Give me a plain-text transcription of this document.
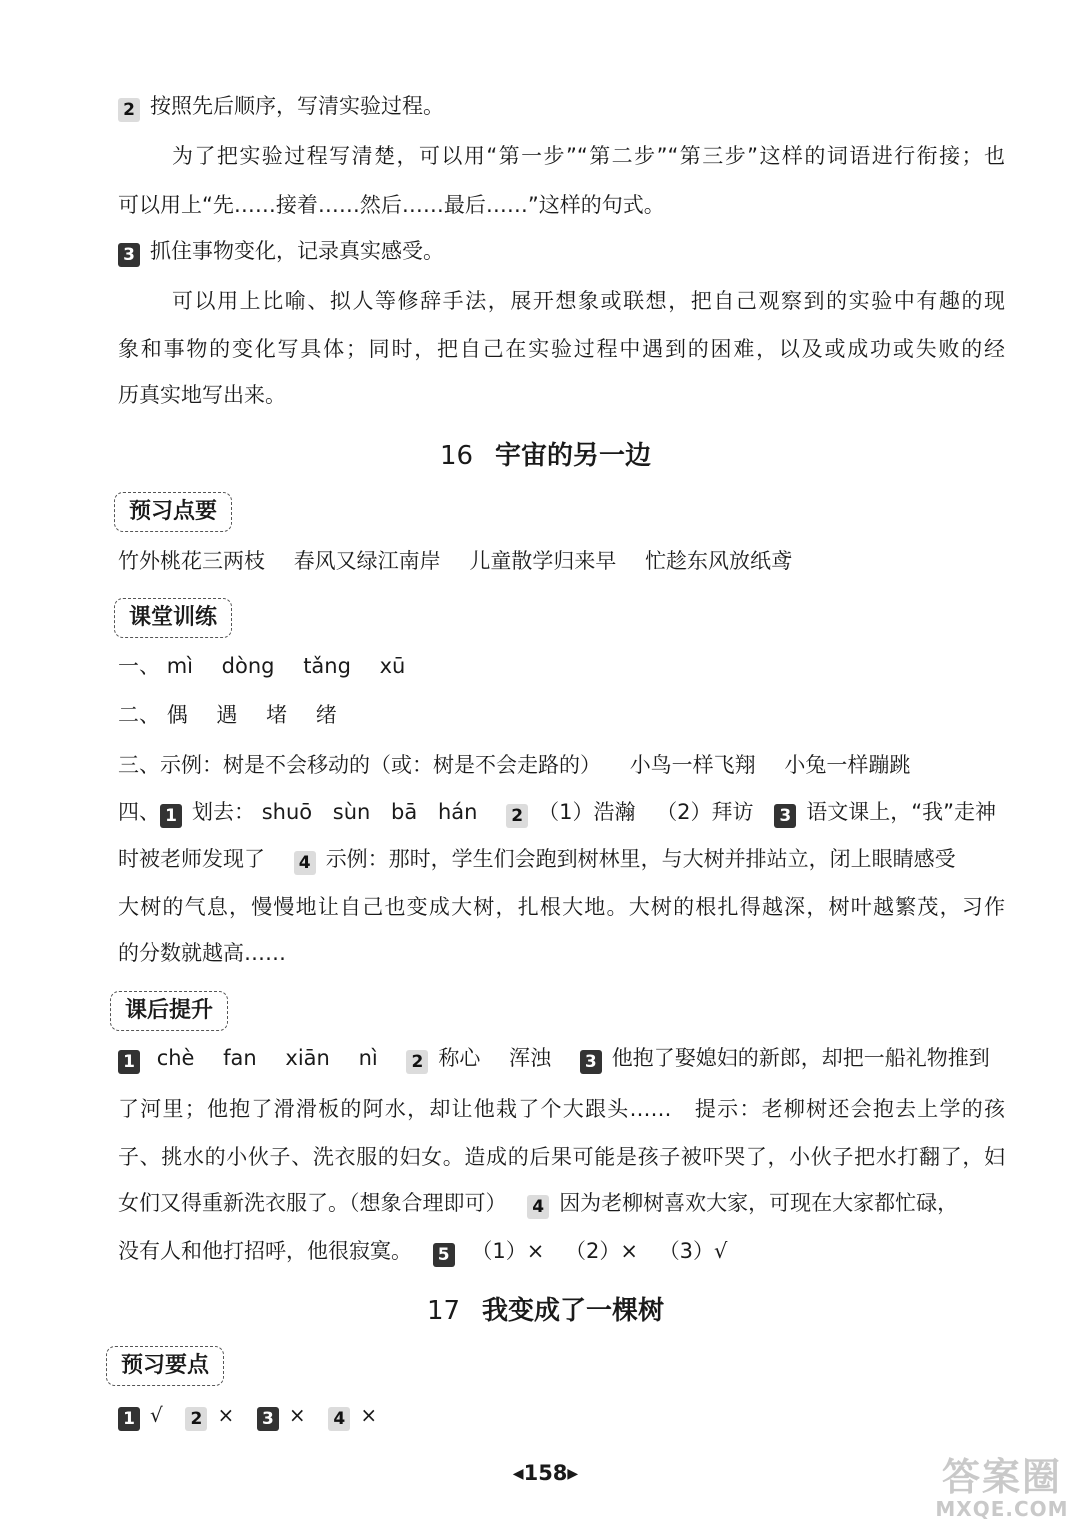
2 按照先后顺序，写清实验过程。
为了把实验过程写清楚，可以用“第一步”“第二步”“第三步”这样的词语进行衔接；也
可以用上“先……接着……然后……最后……”这样的句式。
3 抓住事物变化，记录真实感受。
可以用上比喻、拟人等修辞手法，展开想象或联想，把自己观察到的实验中有趣的现
象和事物的变化写具体；同时，把自己在实验过程中遇到的困难，以及或成功或失败的经
历真实地写出来。
16 宇宙的另一边
预习点要
竹外桃花三两枝 春风又绿江南岸 儿童散学归来早 忙趁东风放纸鸢
课堂训练
一、 mì dòng tǎng xū
二、 偶 遇 堵 绪
三、示例：树是不会移动的（或：树是不会走路的） 小鸟一样飞翔 小兔一样蹦跳
四、 1 划去： shuō sùn bā hán 2 （1）浩瀚 （2）拜访 3 语文课上，“我”走神
时被老师发现了 4 示例：那时，学生们会跑到树林里，与大树并排站立，闭上眼睛感受
大树的气息，慢慢地让自己也变成大树，扎根大地。大树的根扎得越深，树叶越繁茂，习作
的分数就越高……
课后提升
1 chè fan xiān nì 2 称心 浑浊 3 他抱了娶媳妇的新郎，却把一船礼物推到
了河里；他抱了滑滑板的阿水，却让他栽了个大跟头……　提示：老柳树还会抱去上学的孩
子、挑水的小伙子、洗衣服的妇女。造成的后果可能是孩子被吓哭了，小伙子把水打翻了，妇
女们又得重新洗衣服了。（想象合理即可） 4 因为老柳树喜欢大家，可现在大家都忙碌，
没有人和他打招呼，他很寂寞。 5 （1）× （2）× （3）√
17 我变成了一棵树
预习要点
1 √ 2 × 3 × 4 ×
◀158▶	答案圈
MXQE.COM
